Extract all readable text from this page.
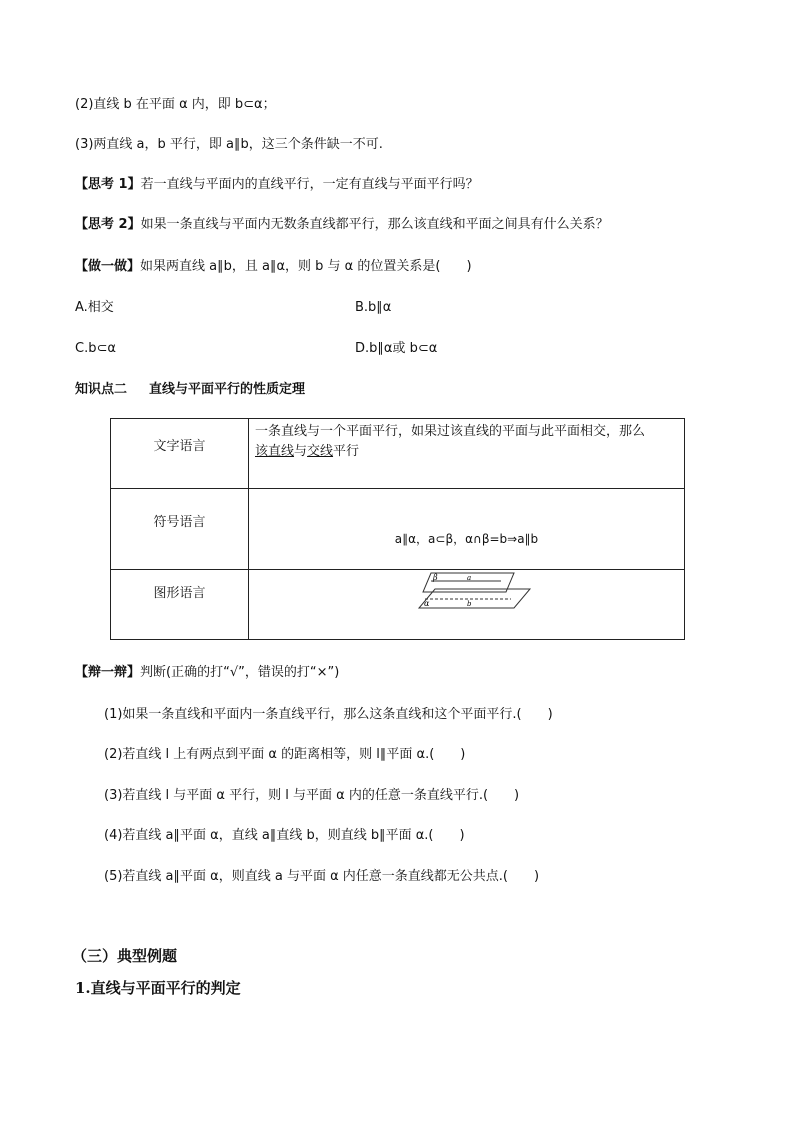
(2)直线 b 在平面 α 内，即 b⊂α；
(3)两直线 a，b 平行，即 a∥b，这三个条件缺一不可.
【思考 1】若一直线与平面内的直线平行，一定有直线与平面平行吗？
【思考 2】如果一条直线与平面内无数条直线都平行，那么该直线和平面之间具有什么关系？
【做一做】如果两直线 a∥b，且 a∥α，则 b 与 α 的位置关系是(　　)
A.相交	B.b∥α
C.b⊂α	D.b∥α或 b⊂α
知识点二 直线与平面平行的性质定理
文字语言	一条直线与一个平面平行，如果过该直线的平面与此平面相交，那么
该直线与交线平行
符号语言	a∥α，a⊂β，α∩β=b⇒a∥b
图形语言	β a
α b
【辩一辩】判断(正确的打“√”，错误的打“×”)
(1)如果一条直线和平面内一条直线平行，那么这条直线和这个平面平行.(　　)
(2)若直线 l 上有两点到平面 α 的距离相等，则 l∥平面 α.(　　)
(3)若直线 l 与平面 α 平行，则 l 与平面 α 内的任意一条直线平行.(　　)
(4)若直线 a∥平面 α，直线 a∥直线 b，则直线 b∥平面 α.(　　)
(5)若直线 a∥平面 α，则直线 a 与平面 α 内任意一条直线都无公共点.(　　)
（三）典型例题
1.直线与平面平行的判定
